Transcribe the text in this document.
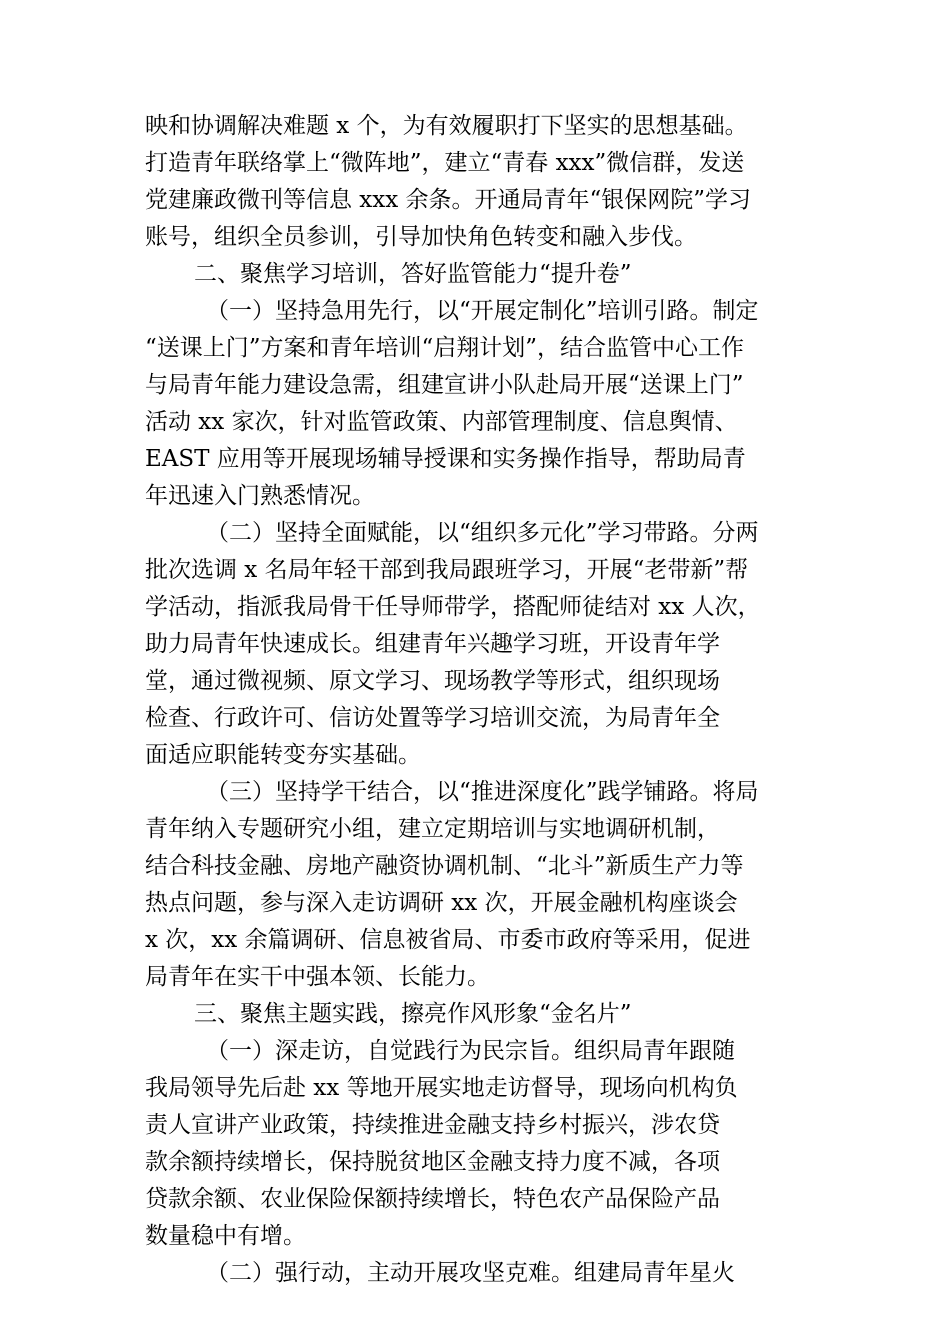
映和协调解决难题 x 个，为有效履职打下坚实的思想基础。
打造青年联络掌上“微阵地”，建立“青春 xxx”微信群，发送
党建廉政微刊等信息 xxx 余条。开通局青年“银保网院”学习
账号，组织全员参训，引导加快角色转变和融入步伐。
二、聚焦学习培训，答好监管能力“提升卷”
（一）坚持急用先行，以“开展定制化”培训引路。制定
“送课上门”方案和青年培训“启翔计划”，结合监管中心工作
与局青年能力建设急需，组建宣讲小队赴局开展“送课上门”
活动 xx 家次，针对监管政策、内部管理制度、信息舆情、
EAST 应用等开展现场辅导授课和实务操作指导，帮助局青
年迅速入门熟悉情况。
（二）坚持全面赋能，以“组织多元化”学习带路。分两
批次选调 x 名局年轻干部到我局跟班学习，开展“老带新”帮
学活动，指派我局骨干任导师带学，搭配师徒结对 xx 人次，
助力局青年快速成长。组建青年兴趣学习班，开设青年学
堂，通过微视频、原文学习、现场教学等形式，组织现场
检查、行政许可、信访处置等学习培训交流，为局青年全
面适应职能转变夯实基础。
（三）坚持学干结合，以“推进深度化”践学铺路。将局
青年纳入专题研究小组，建立定期培训与实地调研机制，
结合科技金融、房地产融资协调机制、“北斗”新质生产力等
热点问题，参与深入走访调研 xx 次，开展金融机构座谈会
x 次，xx 余篇调研、信息被省局、市委市政府等采用，促进
局青年在实干中强本领、长能力。
三、聚焦主题实践，擦亮作风形象“金名片”
（一）深走访，自觉践行为民宗旨。组织局青年跟随
我局领导先后赴 xx 等地开展实地走访督导，现场向机构负
责人宣讲产业政策，持续推进金融支持乡村振兴，涉农贷
款余额持续增长，保持脱贫地区金融支持力度不减，各项
贷款余额、农业保险保额持续增长，特色农产品保险产品
数量稳中有增。
（二）强行动，主动开展攻坚克难。组建局青年星火
